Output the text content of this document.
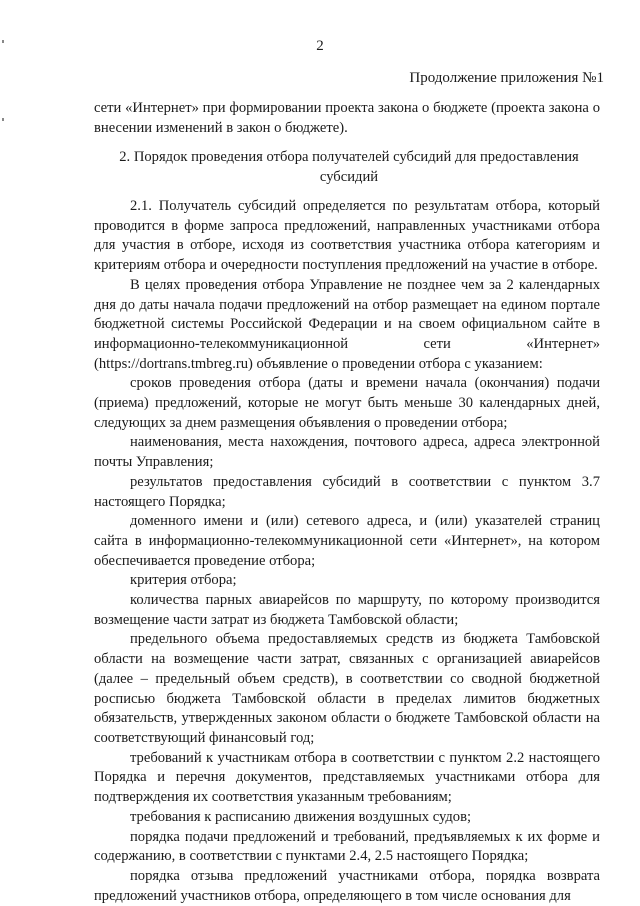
2
Продолжение приложения №1
сети «Интернет» при формировании проекта закона о бюджете (проекта закона о внесении изменений в закон о бюджете).
2. Порядок проведения отбора получателей субсидий для предоставления субсидий

2.1. Получатель субсидий определяется по результатам отбора, который проводится в форме запроса предложений, направленных участниками отбора для участия в отборе, исходя из соответствия участника отбора категориям и критериям отбора и очередности поступления предложений на участие в отборе.

В целях проведения отбора Управление не позднее чем за 2 календарных дня до даты начала подачи предложений на отбор размещает на едином портале бюджетной системы Российской Федерации и на своем официальном сайте в информационно-телекоммуникационной сети «Интернет» (https://dortrans.tmbreg.ru) объявление о проведении отбора с указанием:

сроков проведения отбора (даты и времени начала (окончания) подачи (приема) предложений, которые не могут быть меньше 30 календарных дней, следующих за днем размещения объявления о проведении отбора;

наименования, места нахождения, почтового адреса, адреса электронной почты Управления;

результатов предоставления субсидий в соответствии с пунктом 3.7 настоящего Порядка;

доменного имени и (или) сетевого адреса, и (или) указателей страниц сайта в информационно-телекоммуникационной сети «Интернет», на котором обеспечивается проведение отбора;

критерия отбора;

количества парных авиарейсов по маршруту, по которому производится возмещение части затрат из бюджета Тамбовской области;

предельного объема предоставляемых средств из бюджета Тамбовской области на возмещение части затрат, связанных с организацией авиарейсов (далее – предельный объем средств), в соответствии со сводной бюджетной росписью бюджета Тамбовской области в пределах лимитов бюджетных обязательств, утвержденных законом области о бюджете Тамбовской области на соответствующий финансовый год;

требований к участникам отбора в соответствии с пунктом 2.2 настоящего Порядка и перечня документов, представляемых участниками отбора для подтверждения их соответствия указанным требованиям;

требования к расписанию движения воздушных судов;

порядка подачи предложений и требований, предъявляемых к их форме и содержанию, в соответствии с пунктами 2.4, 2.5 настоящего Порядка;

порядка отзыва предложений участниками отбора, порядка возврата предложений участников отбора, определяющего в том числе основания для
